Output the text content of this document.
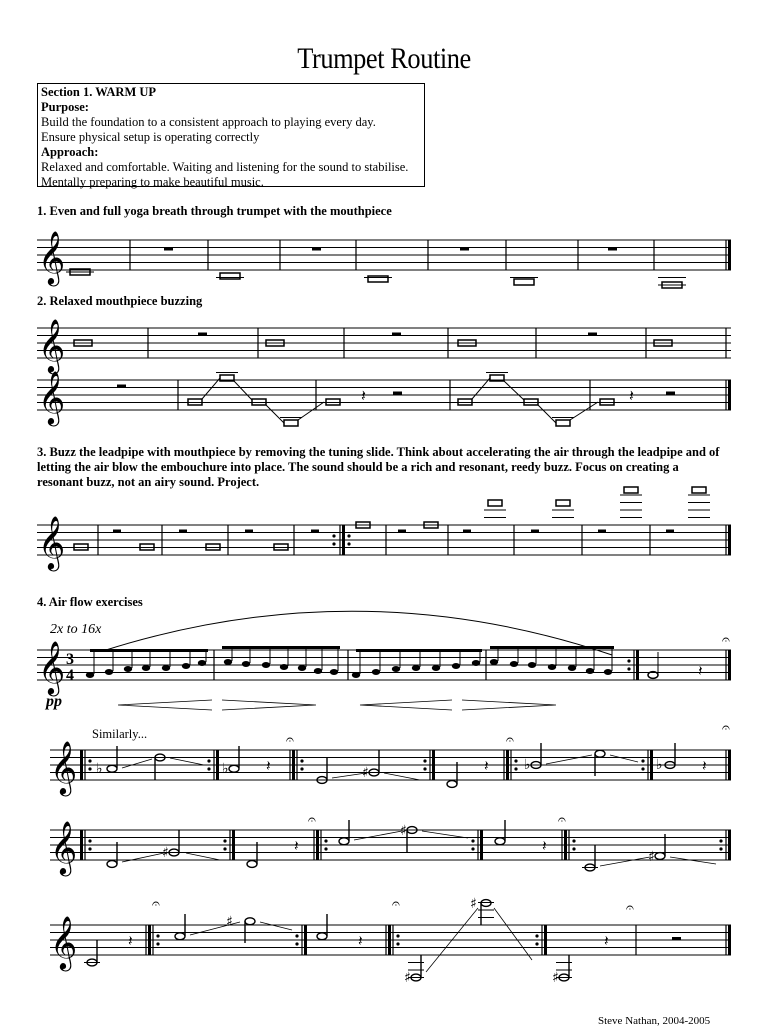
Trumpet Routine
Section 1. WARM UP
Purpose:
Build the foundation to a consistent approach to playing every day.
Ensure physical setup is operating correctly
Approach:
Relaxed and comfortable. Waiting and listening for the sound to stabilise.
Mentally preparing to make beautiful music.
1. Even and full yoga breath through trumpet with the mouthpiece
2. Relaxed mouthpiece buzzing
3. Buzz the leadpipe with mouthpiece by removing the tuning slide. Think about accelerating the air through the leadpipe and of letting the air blow the embouchure into place. The sound should be a rich and resonant, reedy buzz. Focus on creating a resonant buzz, not an airy sound. Project.
4. Air flow exercises
2x to 16x
pp
Similarly...
𝄞
𝄞
𝄞	𝄽	𝄽
𝄞
𝄞 3
4	𝄽
𝄐
𝄞 ♭	♭	♯	♭	♭
𝄽	𝄽	𝄽
𝄐	𝄐
𝄐
𝄞	♯
♯
♯
𝄽	𝄽
𝄐	𝄐
𝄞	♯
♯
♯
♯
𝄽	𝄽	𝄽
𝄐	𝄐	𝄐
Steve Nathan, 2004-2005
